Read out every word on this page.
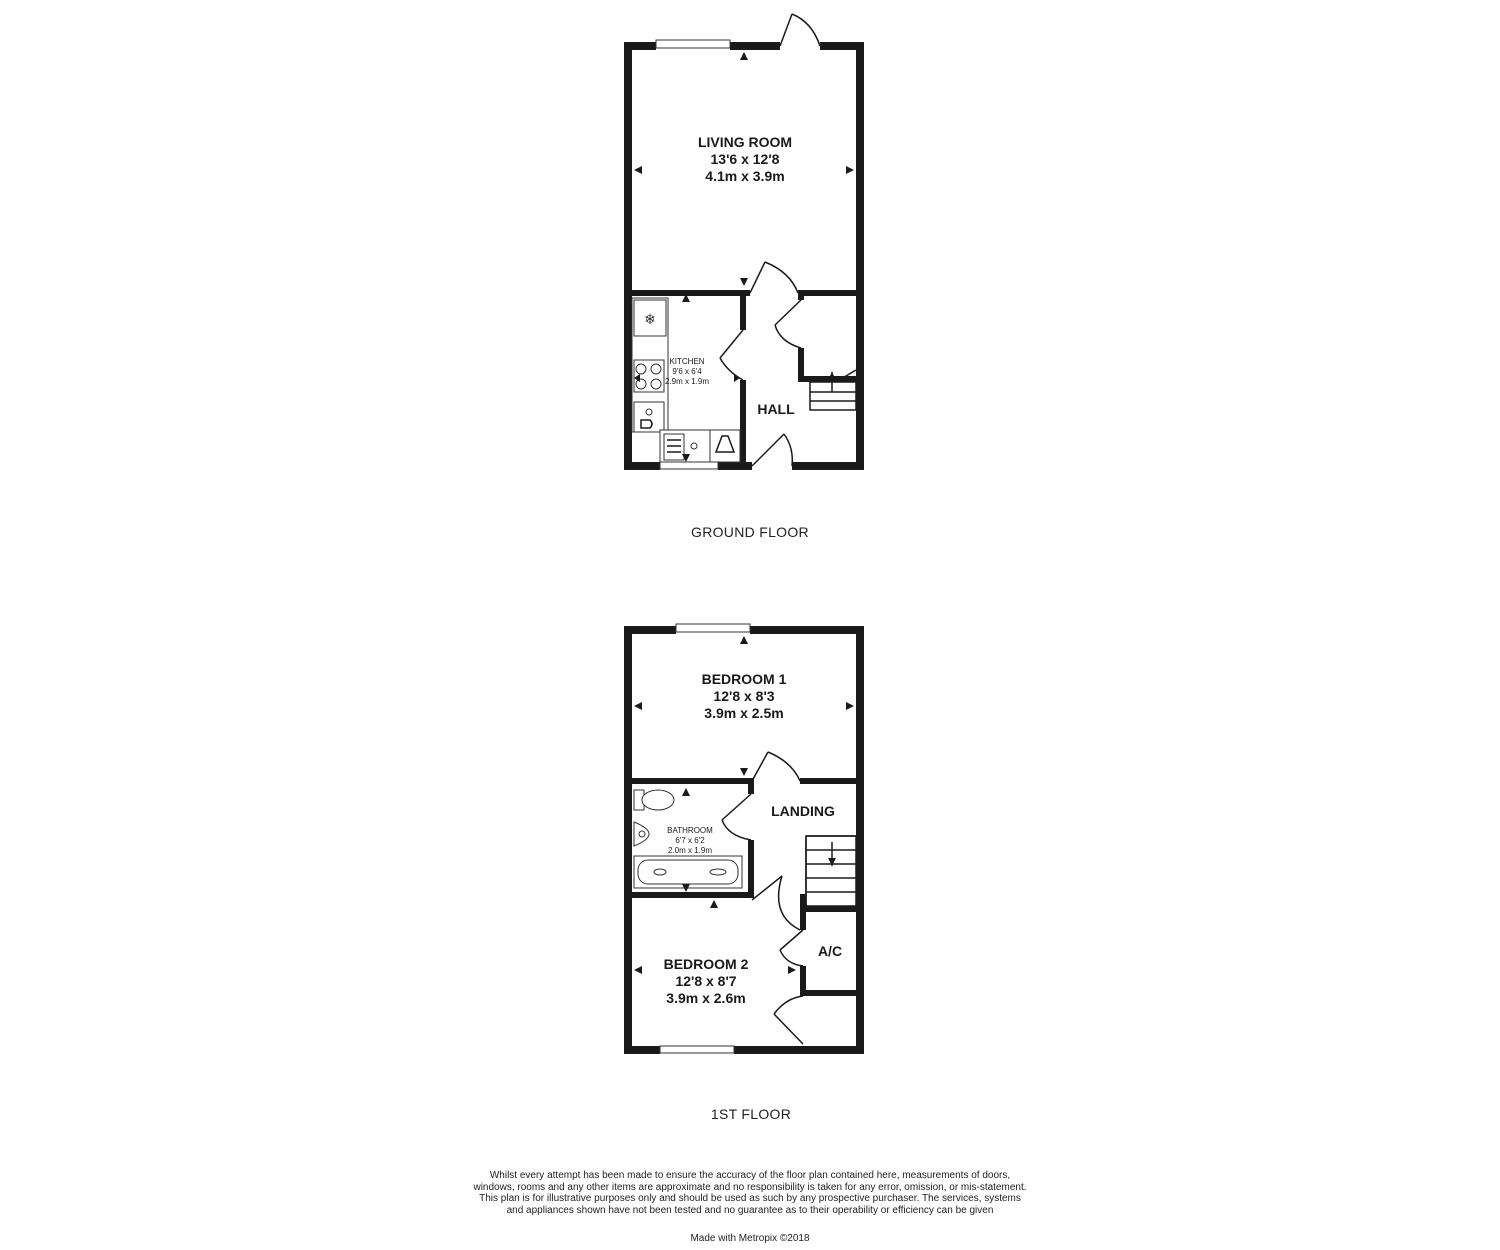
❄
LIVING ROOM
13'6 x 12'8
4.1m x 3.9m
KITCHEN
9'6 x 6'4
2.9m x 1.9m
HALL
BEDROOM 1
12'8 x 8'3
3.9m x 2.5m
BATHROOM
6'7 x 6'2
2.0m x 1.9m
LANDING
BEDROOM 2
12'8 x 8'7
3.9m x 2.6m
A/C
GROUND FLOOR
1ST FLOOR
Whilst every attempt has been made to ensure the accuracy of the floor plan contained here, measurements of doors, windows, rooms and any other items are approximate and no responsibility is taken for any error, omission, or mis-statement. This plan is for illustrative purposes only and should be used as such by any prospective purchaser. The services, systems and appliances shown have not been tested and no guarantee as to their operability or efficiency can be given
Made with Metropix ©2018
